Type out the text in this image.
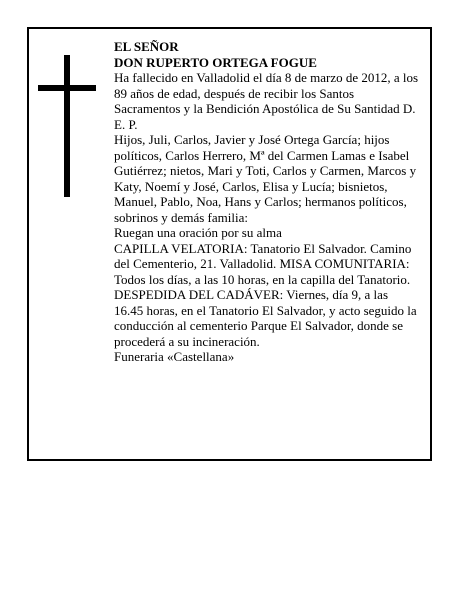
EL SEÑOR

DON RUPERTO ORTEGA FOGUE

Ha fallecido en Valladolid el día 8 de marzo de 2012, a los 89 años de edad, después de recibir los Santos Sacramentos y la Bendición Apostólica de Su Santidad D. E. P.

Hijos, Juli, Carlos, Javier y José Ortega García; hijos políticos, Carlos Herrero, Mª del Carmen Lamas e Isabel Gutiérrez; nietos, Mari y Toti, Carlos y Carmen, Marcos y Katy, Noemí y José, Carlos, Elisa y Lucía; bisnietos, Manuel, Pablo, Noa, Hans y Carlos; hermanos políticos, sobrinos y demás familia:

Ruegan una oración por su alma

CAPILLA VELATORIA: Tanatorio El Salvador. Camino del Cementerio, 21. Valladolid. MISA COMUNITARIA: Todos los días, a las 10 horas, en la capilla del Tanatorio.

DESPEDIDA DEL CADÁVER: Viernes, día 9, a las 16.45 horas, en el Tanatorio El Salvador, y acto seguido la conducción al cementerio Parque El Salvador, donde se procederá a su incineración.

Funeraria «Castellana»
